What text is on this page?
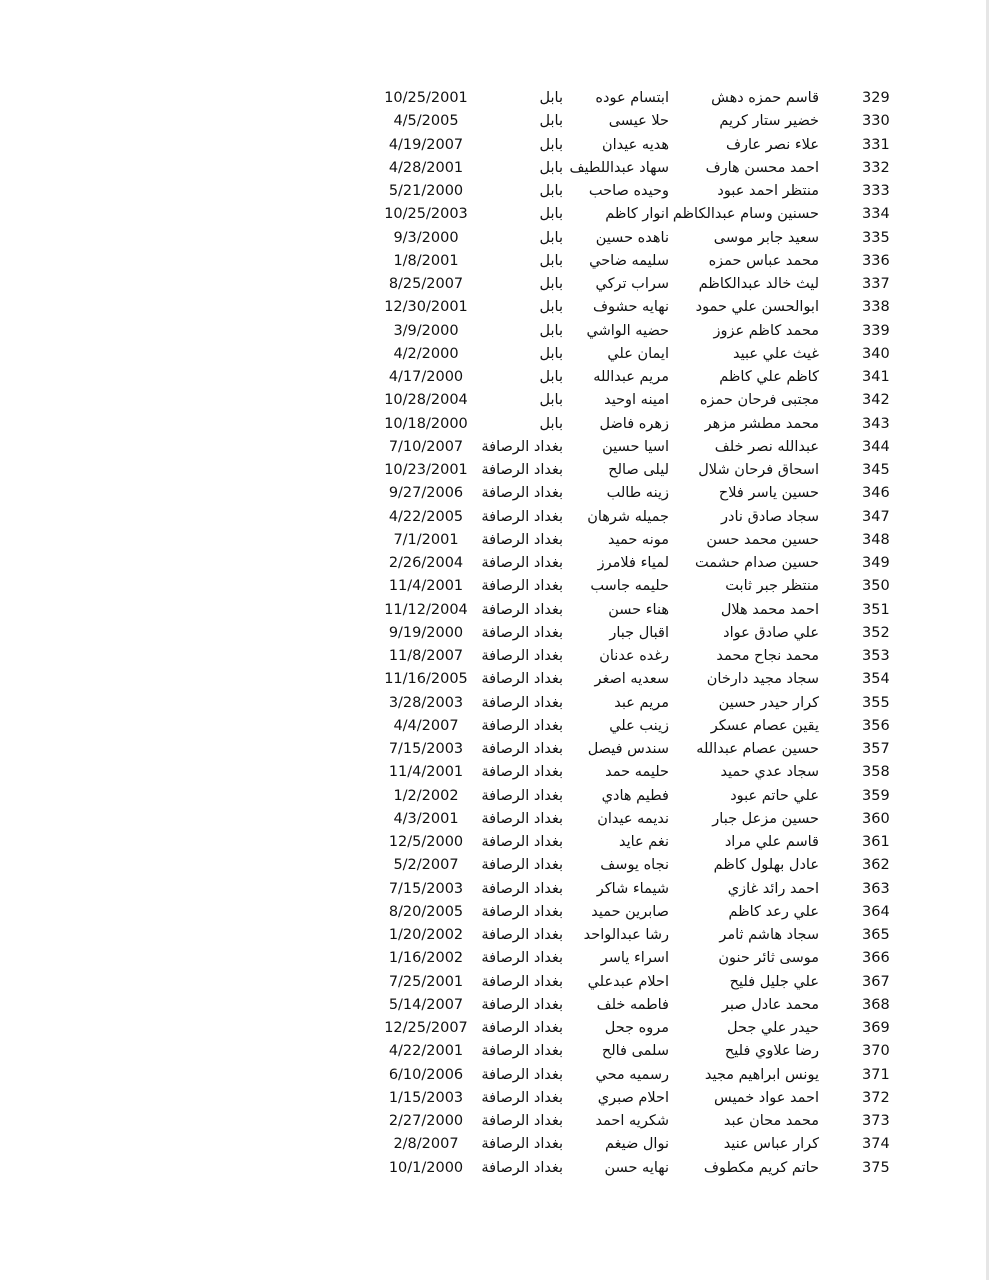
329
قاسم حمزه دهش
ابتسام عوده
بابل
10/25/2001
330
خضير ستار كريم
حلا عيسى
بابل
4/5/2005
331
علاء نصر عارف
هديه عيدان
بابل
4/19/2007
332
احمد محسن هارف
سهاد عبداللطيف
بابل
4/28/2001
333
منتظر احمد عبود
وحيده صاحب
بابل
5/21/2000
334
حسنين وسام عبدالكاظم
انوار كاظم
بابل
10/25/2003
335
سعيد جابر موسى
ناهده حسين
بابل
9/3/2000
336
محمد عباس حمزه
سليمه ضاحي
بابل
1/8/2001
337
ليث خالد عبدالكاظم
سراب تركي
بابل
8/25/2007
338
ابوالحسن علي حمود
نهايه حشوف
بابل
12/30/2001
339
محمد كاظم عزوز
حضيه الواشي
بابل
3/9/2000
340
غيث علي عبيد
ايمان علي
بابل
4/2/2000
341
كاظم علي كاظم
مريم عبدالله
بابل
4/17/2000
342
مجتبى فرحان حمزه
امينه اوحيد
بابل
10/28/2004
343
محمد مطشر مزهر
زهره فاضل
بابل
10/18/2000
344
عبدالله نصر خلف
اسيا حسين
بغداد الرصافة
7/10/2007
345
اسحاق فرحان شلال
ليلى صالح
بغداد الرصافة
10/23/2001
346
حسين ياسر فلاح
زينه طالب
بغداد الرصافة
9/27/2006
347
سجاد صادق نادر
جميله شرهان
بغداد الرصافة
4/22/2005
348
حسين محمد حسن
مونه حميد
بغداد الرصافة
7/1/2001
349
حسين صدام حشمت
لمياء فلامرز
بغداد الرصافة
2/26/2004
350
منتظر جبر ثابت
حليمه جاسب
بغداد الرصافة
11/4/2001
351
احمد محمد هلال
هناء حسن
بغداد الرصافة
11/12/2004
352
علي صادق عواد
اقبال جبار
بغداد الرصافة
9/19/2000
353
محمد نجاح محمد
رغده عدنان
بغداد الرصافة
11/8/2007
354
سجاد مجيد دارخان
سعديه اصغر
بغداد الرصافة
11/16/2005
355
كرار حيدر حسين
مريم عبد
بغداد الرصافة
3/28/2003
356
يقين عصام عسكر
زينب علي
بغداد الرصافة
4/4/2007
357
حسين عصام عبدالله
سندس فيصل
بغداد الرصافة
7/15/2003
358
سجاد عدي حميد
حليمه حمد
بغداد الرصافة
11/4/2001
359
علي حاتم عبود
فطيم هادي
بغداد الرصافة
1/2/2002
360
حسين مزعل جبار
نديمه عيدان
بغداد الرصافة
4/3/2001
361
قاسم علي مراد
نغم عايد
بغداد الرصافة
12/5/2000
362
عادل بهلول كاظم
نجاه يوسف
بغداد الرصافة
5/2/2007
363
احمد رائد غازي
شيماء شاكر
بغداد الرصافة
7/15/2003
364
علي رعد كاظم
صابرين حميد
بغداد الرصافة
8/20/2005
365
سجاد هاشم ثامر
رشا عبدالواحد
بغداد الرصافة
1/20/2002
366
موسى ثائر حنون
اسراء ياسر
بغداد الرصافة
1/16/2002
367
علي جليل فليح
احلام عبدعلي
بغداد الرصافة
7/25/2001
368
محمد عادل صبر
فاطمه خلف
بغداد الرصافة
5/14/2007
369
حيدر علي جحل
مروه جحل
بغداد الرصافة
12/25/2007
370
رضا علاوي فليح
سلمى فالح
بغداد الرصافة
4/22/2001
371
يونس ابراهيم مجيد
رسميه محي
بغداد الرصافة
6/10/2006
372
احمد عواد خميس
احلام صبري
بغداد الرصافة
1/15/2003
373
محمد محان عبد
شكريه احمد
بغداد الرصافة
2/27/2000
374
كرار عباس عنيد
نوال ضيغم
بغداد الرصافة
2/8/2007
375
حاتم كريم مكطوف
نهايه حسن
بغداد الرصافة
10/1/2000
